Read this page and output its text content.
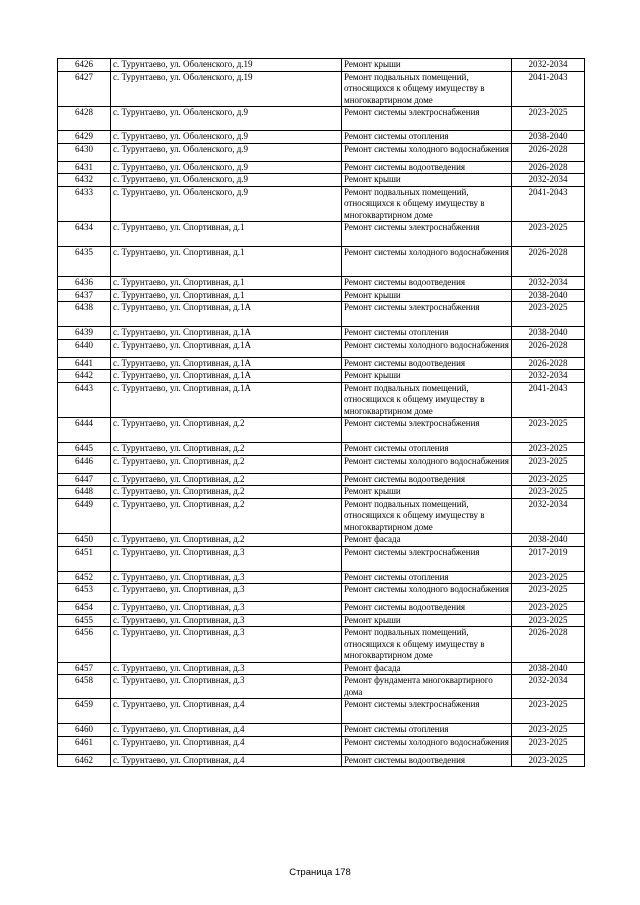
6426	с. Турунтаево, ул. Оболенского, д.19	Ремонт крыши	2032-2034
6427	с. Турунтаево, ул. Оболенского, д.19	Ремонт подвальных помещений, относящихся к общему имуществу в многоквартирном доме	2041-2043
6428	с. Турунтаево, ул. Оболенского, д.9	Ремонт системы электроснабжения	2023-2025
6429	с. Турунтаево, ул. Оболенского, д.9	Ремонт системы отопления	2038-2040
6430	с. Турунтаево, ул. Оболенского, д.9	Ремонт системы холодного водоснабжения	2026-2028
6431	с. Турунтаево, ул. Оболенского, д.9	Ремонт системы водоотведения	2026-2028
6432	с. Турунтаево, ул. Оболенского, д.9	Ремонт крыши	2032-2034
6433	с. Турунтаево, ул. Оболенского, д.9	Ремонт подвальных помещений, относящихся к общему имуществу в многоквартирном доме	2041-2043
6434	с. Турунтаево, ул. Спортивная, д.1	Ремонт системы электроснабжения	2023-2025
6435	с. Турунтаево, ул. Спортивная, д.1	Ремонт системы холодного водоснабжения	2026-2028
6436	с. Турунтаево, ул. Спортивная, д.1	Ремонт системы водоотведения	2032-2034
6437	с. Турунтаево, ул. Спортивная, д.1	Ремонт крыши	2038-2040
6438	с. Турунтаево, ул. Спортивная, д.1А	Ремонт системы электроснабжения	2023-2025
6439	с. Турунтаево, ул. Спортивная, д.1А	Ремонт системы отопления	2038-2040
6440	с. Турунтаево, ул. Спортивная, д.1А	Ремонт системы холодного водоснабжения	2026-2028
6441	с. Турунтаево, ул. Спортивная, д.1А	Ремонт системы водоотведения	2026-2028
6442	с. Турунтаево, ул. Спортивная, д.1А	Ремонт крыши	2032-2034
6443	с. Турунтаево, ул. Спортивная, д.1А	Ремонт подвальных помещений, относящихся к общему имуществу в многоквартирном доме	2041-2043
6444	с. Турунтаево, ул. Спортивная, д.2	Ремонт системы электроснабжения	2023-2025
6445	с. Турунтаево, ул. Спортивная, д.2	Ремонт системы отопления	2023-2025
6446	с. Турунтаево, ул. Спортивная, д.2	Ремонт системы холодного водоснабжения	2023-2025
6447	с. Турунтаево, ул. Спортивная, д.2	Ремонт системы водоотведения	2023-2025
6448	с. Турунтаево, ул. Спортивная, д.2	Ремонт крыши	2023-2025
6449	с. Турунтаево, ул. Спортивная, д.2	Ремонт подвальных помещений, относящихся к общему имуществу в многоквартирном доме	2032-2034
6450	с. Турунтаево, ул. Спортивная, д.2	Ремонт фасада	2038-2040
6451	с. Турунтаево, ул. Спортивная, д.3	Ремонт системы электроснабжения	2017-2019
6452	с. Турунтаево, ул. Спортивная, д.3	Ремонт системы отопления	2023-2025
6453	с. Турунтаево, ул. Спортивная, д.3	Ремонт системы холодного водоснабжения	2023-2025
6454	с. Турунтаево, ул. Спортивная, д.3	Ремонт системы водоотведения	2023-2025
6455	с. Турунтаево, ул. Спортивная, д.3	Ремонт крыши	2023-2025
6456	с. Турунтаево, ул. Спортивная, д.3	Ремонт подвальных помещений, относящихся к общему имуществу в многоквартирном доме	2026-2028
6457	с. Турунтаево, ул. Спортивная, д.3	Ремонт фасада	2038-2040
6458	с. Турунтаево, ул. Спортивная, д.3	Ремонт фундамента многоквартирного дома	2032-2034
6459	с. Турунтаево, ул. Спортивная, д.4	Ремонт системы электроснабжения	2023-2025
6460	с. Турунтаево, ул. Спортивная, д.4	Ремонт системы отопления	2023-2025
6461	с. Турунтаево, ул. Спортивная, д.4	Ремонт системы холодного водоснабжения	2023-2025
6462	с. Турунтаево, ул. Спортивная, д.4	Ремонт системы водоотведения	2023-2025
Страница 178
